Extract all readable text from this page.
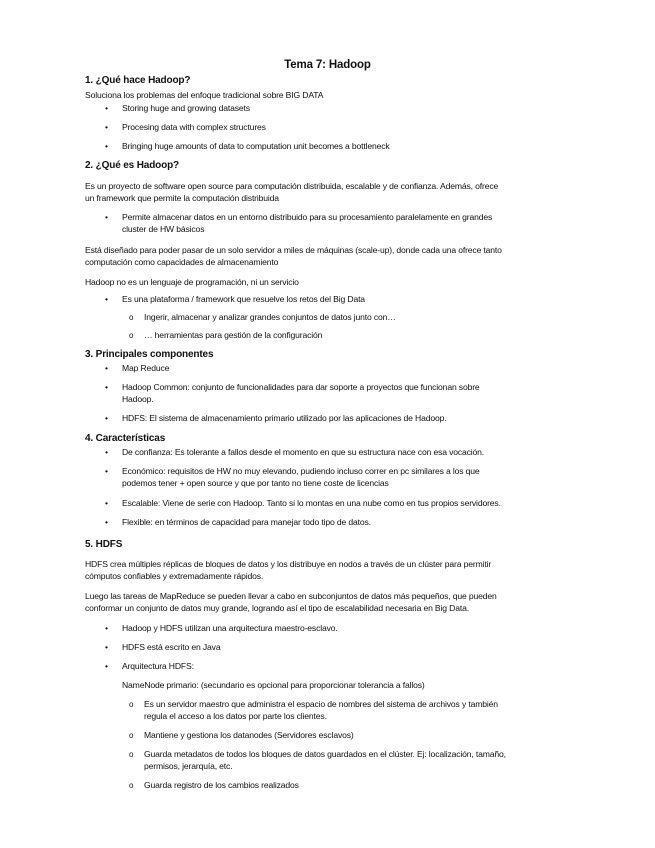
Tema 7: Hadoop
1. ¿Qué hace Hadoop?
Soluciona los problemas del enfoque tradicional sobre BIG DATA
• Storing huge and growing datasets
• Procesing data with complex structures
• Bringing huge amounts of data to computation unit becomes a bottleneck
2. ¿Qué es Hadoop?
Es un proyecto de software open source para computación distribuida, escalable y de confianza. Además, ofrece
un framework que permite la computación distribuida
• Permite almacenar datos en un entorno distribuido para su procesamiento paralelamente en grandes
cluster de HW básicos
Está diseñado para poder pasar de un solo servidor a miles de máquinas (scale-up), donde cada una ofrece tanto
computación como capacidades de almacenamiento
Hadoop no es un lenguaje de programación, ni un servicio
• Es una plataforma / framework que resuelve los retos del Big Data
o Ingerir, almacenar y analizar grandes conjuntos de datos junto con…
o … herramientas para gestión de la configuración
3. Principales componentes
• Map Reduce
• Hadoop Common: conjunto de funcionalidades para dar soporte a proyectos que funcionan sobre
Hadoop.
• HDFS: El sistema de almacenamiento primario utilizado por las aplicaciones de Hadoop.
4. Características
• De confianza: Es tolerante a fallos desde el momento en que su estructura nace con esa vocación.
• Económico: requisitos de HW no muy elevando, pudiendo incluso correr en pc similares a los que
podemos tener + open source y que por tanto no tiene coste de licencias
• Escalable: Viene de serie con Hadoop. Tanto si lo montas en una nube como en tus propios servidores.
• Flexible: en términos de capacidad para manejar todo tipo de datos.
5. HDFS
HDFS crea múltiples réplicas de bloques de datos y los distribuye en nodos a través de un clúster para permitir
cómputos confiables y extremadamente rápidos.
Luego las tareas de MapReduce se pueden llevar a cabo en subconjuntos de datos más pequeños, que pueden
conformar un conjunto de datos muy grande, logrando así el tipo de escalabilidad necesaria en Big Data.
• Hadoop y HDFS utilizan una arquitectura maestro-esclavo.
• HDFS está escrito en Java
• Arquitectura HDFS:
NameNode primario: (secundario es opcional para proporcionar tolerancia a fallos)
o Es un servidor maestro que administra el espacio de nombres del sistema de archivos y también
regula el acceso a los datos por parte los clientes.
o Mantiene y gestiona los datanodes (Servidores esclavos)
o Guarda metadatos de todos los bloques de datos guardados en el clúster. Ej: localización, tamaño,
permisos, jerarquía, etc.
o Guarda registro de los cambios realizados
